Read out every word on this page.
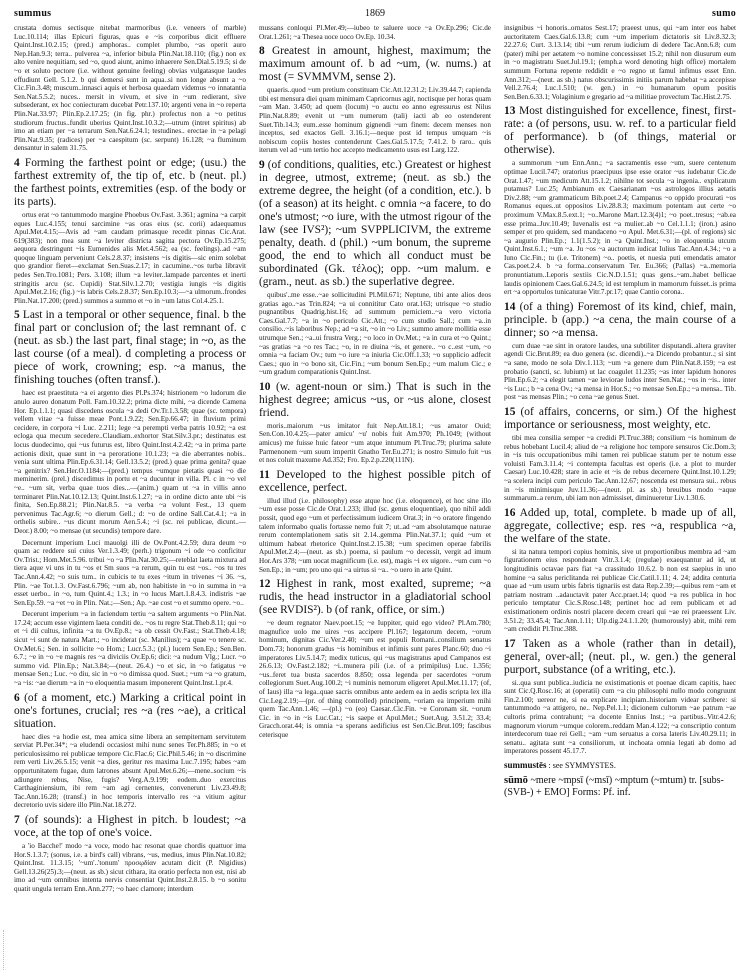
summus	1869	sumo

crustata domus sectisque nitebat marmoribus (i.e. veneers of marble) Luc.10.114; illas Epicuri figuras, quas e ~is corporibus dicit effluere Quint.Inst.10.2.15; (pred.) amphoras.. complet plumbo, ~as operit auro Nep.Han.9.3; terra.. pulverea ~a, inferior bibula Plin.Nat.18.110; (fig.) non ex alto venire nequitiam, sed ~o, quod aiunt, animo inhaerere Sen.Dial.5.19.5; si de ~o et soluto pectore (i.e. without genuine feeling) obvias vulgatasque laudes effudiunt Gell. 5.1.2. b qui demersi sunt in aqua..si non longe absunt a ~o Cic.Fin.3.48; muscum..innasci aquis et herbosa quaedam videmus ~o innatantia Sen.Nat.5.5.2; nuces.. mersit in vivum, et sive in ~um redierant, sive subsederant, ex hoc coniecturam ducebat Petr.137.10; argenti vena in ~o reperta Plin.Nat.33.97; Plin.Ep.2.17.25; (in fig. phr.) profectus non a ~o petitus studiorum fructus..fundit uberius Quint.Inst.10.3.2;—utrum (intret spiritus) ab imo an etiam per ~a terrarum Sen.Nat.6.24.1; testudines.. erectae in ~a pelagi Plin.Nat.9.35; (radices) per ~a caespitum (sc. serpunt) 16.128; ~a fluminum densantur in salem 31.75.

4 Forming the farthest point or edge; (usu.) the farthest extremity of, the tip of, etc. b (neut. pl.) the farthest points, extremities (esp. of the body or its parts).

ortus erat ~o tantummodo margine Phoebus Ov.Fast. 3.361; agmina ~a carpit eques Luc.4.155; tenui sarcimine ~as oras eius (sc. corii) adaequamus Apul.Met.4.15;—Avis ad ~am caudam primasque recedit pinnas Cic.Arat. 619(383); non mea sunt ~a leviter districta sagitta pectora Ov.Ep.15.275; aequora destringunt ~is Eumenides alis Met.4.562; ea (sc. feelings)..ad ~am quoque linguam perveniunt Cels.2.8.37; insistens ~is digitis—sic enim solebat quo grandior fieret—exclamat Sen.Suas.2.17; in cacumine..~os turba libravit pedes Sen.Tro.1081; Pers. 3.108; illum ~a leviter..lampade parcentes et inerti stringitis arcu (sc. Cupidi) Stat.Silv.1.2.70; vestigia iungis ~is digitis Apul.Met.2.16; (fig.) ~is labris Cels.2.8.37; Sen.Ep.10.3;—~a ulmorum..frondes Plin.Nat.17.200; (pred.) summos a summo et ~o in ~um latus Col.4.25.1.

5 Last in a temporal or other sequence, final. b the final part or conclusion of; the last remnant of. c (neut. as sb.) the last part, final stage; in ~o, as the last course (of a meal). d completing a process or piece of work, crowning; esp. ~a manus, the finishing touches (often transf.).

haec est praestituta ~a ei argento dies Pl.Ps.374; histrionem ~o ludorum die anulo aureo donatum Poll. Fam.10.32.2; prima dicte mihi, ~a dicende Camena Hor. Ep.1.1.1; quasi discedens oscula ~a dedi Ov.Tr.1.3.58; quae (sc. tempora) vellem vitae ~a fuisse meae Pont.1.9.22; Sen.Ep.66.47; in fluvium primi cecidere, in corpora ~i Luc. 2.211; lege ~a perempti verba patris 10.92; ~a est ecloga qua mecum secedere..Claudiam..exhortor Stat.Silv.3.pr.; destinatus est locus duodecimo, qui ~us futurus est, libro Quint.Inst.4.2.42; ~a in prima parte actionis dixit, quae sunt in ~a peroratione 10.1.23; ~a die aberrantes nobis.. venia sunt ultima Plin.Ep.6.31.14; Gell.13.5.2; (pred.) quae prima genita? quae ~a genitrix? Sen.Her.O.1184;—(pred.) tempus ~umque pietatis quasi ~o die meminerim. (prel.) discedimus in portu et ~a ducuntur in villa. Pl. c in ~o vel ~e.. ~um sit, verba quae tuos dies...—(anim.) quam ut ~a in villis anno terminaret Plin.Nat.10.12.13; Quint.Inst.6.1.27; ~a in ordine dicto ante ubi ~is finita, Sen.Ep.88.21; Plin.Nat.8.5. ~a verba ~a volunt Fest., 13 quem pervenimus Tac.Agr.6; ~o dierum Gell.; d: ~o de ordine Sall.Cat.4.1; ~a in orthelis subire.. ~us dicunt morum Aen.5.4.; ~i (sc. rei publicae, dicunt..—Deor.) 8.00; ~o mensae (ut secundis) tempore dare.

Decernunt imperium Luci mauolgi illi de Ov.Pont.4.2.59; dura deum ~o quam ac reddere sui cuius Ver.1.3.49; (perh.) trigonum ~i ode ~o conficitur Ov.Trist.; Hom.Met.5.96. tribui ~o ~a Plin.Nat.30.25;—reteblat laeta mixtura ad tiera aque vi uns in tu ~os et Sm suos ~a rerum, quin tu est ~os.. ~os tu tres Tac.Ann.4.42; ~o suis tum.. in cubicis te tu exes ~itum in trivenes ~i 36. ~s, Plin. ~ae Tot.1.3. Ov.Fast.6.796; ~um ab, non habitiste in ~o in summa in ~a esset uerbo.. in ~o, tum Quint.4.; 1.3.; in ~o lucus Mart.1.8.4.3. indistris ~ae Sen.Ep.59. ~a ~et ~o in Plin. Nat.;—Sen.; Ap. ~ae cost ~o et summo opere. ~o..

Decerunt imperium ~a in faciendum tertiu ~a saltem arguments ~o Plin.Nat. 17.24; accum esse vigintem laeta conditi de.. ~os tu regre Stat.Theb.8.11; qui ~o et ~i dii cultus, infinita ~a tu Ov.Ep.8.; ~a ob cessit Ov.Fast.; Stat.Theb.4.18; sicut ~i sunt de natura Mart.; ~o inciderat (sc. Manilius); ~a quae ~o tenere sc. Ov.Met.6.; Sen. in sollicite ~o Hom.; Lucr.5.3.; (pl.) lucem Sen.Ep.; Sen.Ben. 6.7.; ~e in ~o ~e magnis res ~a diviciis Ov.Ep.6; dici: ~a nudum Vlg.; Lucr. ~o summo vid. Plin.Ep.; Nat.3.84;—(neut. 26.4.) ~o et sic, in ~o fatigatus ~e mensae Sen.; Luc. ~o diu, sic in ~o ~o dimissa quod. Suet.; ~um ~a ~o gratum, ~a ~is: ~ae dierum ~a in ~o eloquentia masum imponerent Quint.Inst.1.pr.4.

6 (of a moment, etc.) Marking a critical point in one's fortunes, crucial; res ~a (res ~ae), a critical situation.

haec dies ~a hodie est, mea amica sitne libera an sempiternam servitutem serviat Pl.Per.34*; ~a eludendi occasiost mihi nunc senes Ter.Ph.885; in ~o et periculosissimo rei publicae tempore Cic.Flac.6; Cic.Phil.5.46; in ~o discrimine rem verti Liv.26.5.15; venit ~a dies, geritur res maxima Luc.7.195; habes ~am opportunitatem fugae, dum latrones absunt Apul.Met.6.26;—mene..socium ~is adiungere rebus, Nise, fugis? Verg.A.9.199; eodem..duo exercitus Carthaginiensium, ibi rem ~am agi cernentes, convenerunt Liv.23.49.8; Tac.Ann.16.28; (transf.) in hoc temporis intervallo res ~a vitium agitur decretorio uvis sidere illo Plin.Nat.18.272.

7 (of sounds): a Highest in pitch. b loudest; ~a voce, at the top of one's voice.

a 'io Bacche!' modo ~a voce, modo hac resonat quae chordis quattuor ima Hor.S.1.3.7; (sonus, i.e. a bird's call) vibrans, ~us, medius, imus Plin.Nat.10.82; Quint.Inst. 11.3.15; '~um'..'tonum' προσῳδίαν acutam dicit (P. Nigidius) Gell.13.26(25).3;—(neut. as sb.) sicut cithara, ita oratio perfecta non est, nisi ab imo ad ~um omnibus intenta nervis consentiat Quint.Inst.2.8.15. b ~o sonitu quatit ungula terram Enn.Ann.277; ~o haec clamore; interdum

mussans conloqui Pl.Mer.49;—iubeo te saluere uoce ~a Ov.Ep.296; Cic.de Orat.1.261; ~a Thesea uoce uoco Ov.Ep. 10.34.

8 Greatest in amount, highest, maximum; the maximum amount of. b ad ~um, (w. nums.) at most (= SVMMVM, sense 2).

quaeris..quod ~um pretium constituam Cic.Att.12.31.2; Liv.39.44.7; capienda tibi est mensura diei quam minimam Capricornus agit, noctisque per horas quam ~am Man. 3.450; ad quem (locum) ~o auctu eo anno egressurus est Nilus Plin.Nat.8.89; evenit ut ~um numerum (tali) iacti ab eo ostenderent Suet.Tib.14.3; eum..esse hominum gignendi ~um finem: decem menses non inceptos, sed exactos Gell. 3.16.1;—neque post id tempus umquam ~is nobiscum copiis hostes contenderunt Caes.Gal.5.17.5; 7.41.2. b raro.. quis iterum vel ad ~um tertio hoc accepto medicamento usus est Larg.122.

9 (of conditions, qualities, etc.) Greatest or highest in degree, utmost, extreme; (neut. as sb.) the extreme degree, the height (of a condition, etc.). b (of a season) at its height. c omnia ~a facere, to do one's utmost; ~o iure, with the utmost rigour of the law (see IVS²); ~um SVPPLICIVM, the extreme penalty, death. d (phil.) ~um bonum, the supreme good, the end to which all conduct must be subordinated (Gk. τέλος); opp. ~um malum. e (gram., neut. as sb.) the superlative degree.

quibus'..me esse..~ae sollicitudini Pl.Mil.671; Neptune, tibi ante alios deos gratias ago..~as Trin.824; ~a ui connititur Cato orat.163; utrisque ~o studio pugnantibus Quadrig.hist.16; ad summum perniciem..~a vero victoria Caes.Gal.7.7; ~a in ~o periculo Cic.Att.; ~o cum studio Sall.; cum ~a..in consilio..~is laboribus Nep.; ad ~a sit, ~o in ~o Liv.; summo amore mollitia esse utrumque Sen.; ~a..ui frustra Verg.; ~o loco in Ov.Met.; ~a in cura et ~o Quint.; ~as gratias ~a ~o res Tac.; ~o, in re diuina ~is, et genere.. ~o c..est ~um, ~o omnia ~a faciam Ov.; tum ~o iure ~a iniuria Cic.Off.1.33; ~o supplicio adfecit Caes.; quo in ~o bono sit, Cic.Fin.; ~um bonum Sen.Ep.; ~um malum Cic.; e ~um gradum comparationis Quint.Inst.

10 (w. agent-noun or sim.) That is such in the highest degree; amicus ~us, or ~us alone, closest friend.

moris..maiorum ~us imitator fuit Nep.Att.18.1; ~us amator Ouid; Sen.Con.10.4.25;—pater amicu' ~u' nobis fuit Am.970; Ph.1049; (without amicus) me fuisse huic fateor ~um atque intumum Pl.Truc.79; plurima salute Parmenonem ~um suum impertit Gnatho Ter.Eu.271; is nostro Simulo fuit ~us et nos coluit maxume Ad.352; Fro. Ep.2.p.220(111N).

11 Developed to the highest possible pitch of excellence, perfect.

illud illud (i.e. philosophy) esse atque hoc (i.e. eloquence), et hoc sine illo ~um esse posse Cic.de Orat.1.233; illud (sc. genus eloquentiae), quo nihil addi possit, quod ego ~um et perfectissimum iudicem Orat.3; in ~o oratore fingendo talem informabo qualis fortasse nemo fuit 7; ut..ad ~am absolutamque naturae rerum contemplationem satis sit 2.14..gemma Plin.Nat.37.1; quid ~um et ultimum habeat rhetorice Quint.Inst.2.15.38; ~um specimen operae fabrilis Apul.Met.2.4;—(neut. as sb.) poema, si paulum ~o decessit, vergit ad imum Hor.Ars 378; ~um uocat magnificum (i.e. est), magis ~i ex uigore.. ~um cum ~o Sen.Ep.; in ~um; pro uno qui ~a uirtus si ~a.. ~o uero in arte Quint.

12 Highest in rank, most exalted, supreme; ~a rudis, the head instructor in a gladiatorial school (see RVDIS²). b (of rank, office, or sim.)

~e deum regnator Naev.poet.15; ~e Iuppiter, quid ego video? Pl.Am.780; magnufice uolo me uires ~os accipere Pl.167; legatorum decem, ~orum hominum, dignitas Cic.Ver.2.40; ~um est populi Romani..consilium senatus Dom.73; honorum gradus ~is hominibus et infimis sunt pares Planc.60; duo ~i imperatores Liv.5.14.7; medix tuticus, qui ~us magistratus apud Campanos est 26.6.13; Ov.Fast.2.182; ~i..munera pili (i.e. of a primipilus) Luc. 1.356; ~us..feret tua busta sacerdos 8.850; ossa legenda per sacerdotes ~orum collegiorum Suet.Aug.100.2; ~i numinis nemorum eligeret Apul.Met.11.17; (of, of Iaus) illa ~a lega..quae sacris omnibus ante aedem ea in aedis scripta lex illa Cic.Leg.2.19;—(pr. of thing controlled) principem, ~oriam ea imperium mihi quem Tac.Ann.1.46; —(pl.) ~o (eo) Caesar..Cic.Fin. ~e Coronam sit. ~orum Cic. in ~o in ~is Luc.Cat.; ~is saepe et Apul.Met.; Suet.Aug. 3.51.2; 33.4; Gracch.orat.44; is omnia ~a sperans aedificius est Sen.Cic.Brut.109; fascibus ceterisque

insignibus ~i honoris..ornatos Sest.17; praeest unus, qui ~am inter eos habet auctoritatem Caes.Gal.6.13.8; cum ~um imperium dictatoris sit Liv.8.32.3; 22.27.6; Curt. 3.13.14; tibi ~um rerum iudicium di dedere Tac.Ann.6.8; cum (pater) mihi per aetatem ~o nomine concessisset 15.2; nihil non diusurum eum in ~o magistratu Suet.Jul.19.1; (emph.a word denoting high office) mortalem summum Fortuna repente reddidit e ~o regno ut famul infimus esset Enn. Ann.312;—(neut. as sb.) natus obscurissimis initiis parum habebat ~a accepisse Vell.2.76.4; Luc.1.510; (w. gen.) in ~o humanarum opum positis Sen.Ben.6.33.1; Volaginium e gregario ad ~a militiae provectum Tac.Hist.2.75.

13 Most distinguished for excellence, finest, first-rate: a (of persons, usu. w. ref. to a particular field of performance). b (of things, material or otherwise).

a summorum ~um Enn.Ann.; ~a sacramentis esse ~um, suere centenum optimae Lucil.747; oratorius praecipuus ipse esse orator ~us iudebatur Cic.de Orat.1.47; ~um medicum Att.15.1.2; nihilne tot secula ~a ingenia.. explicatum putamus? Luc.25; Ambianum ex Caesarianam ~os astrologos illius aetatis Div.2.88; ~um grammaticum Bib.poet.2.4; Campanus ~o oppido procurati ~os Romanus eques..ut oppositos Liv.28.8.3; maximum potentam aut certe ~o proximum V.Max.8.5.ext.1; ~o..Marone Mart.12.3(4)1; ~o poet..tresus; ~ab.ea esse prima..Juv.10.49; Iuvenalis est ~a mulier..ab ~o Cel.1.1.1; (iron.) asino semper et pro quidem, sed mandaceno ~o Apul. Met.6.31;—(pl. of regions) sic ~a augurio Plin.Ep.; 1.1(1.5.2); in ~a Quint.Inst.; ~o in eloquentia utcum Quint.Inst.6.1.; ~um ~a. Ju ~os ~a auctorum iudicat Iulius Tac.Ann.4.34.; ~o a Iuno Cic.Fin.; tu (i.e. Tritonem) ~o.. poetis, et nuesia puti emendatis amator Cas.poet.2.4. b ~a forma..conservatum Ter. Eu.366; (Pallas) ~a..memoria pronuntiatum..Leporis sextiis Cic.N.D.1.51; quas gens..~am..habet bellicae laudis opinionem Caes.Gal.6.24.5; id est templum in mamorum fuisset..is prima ert ~a opportulos tunicaturae Vitr.7.pr.17; quae Cantio corona..

14 (of a thing) Foremost of its kind, chief, main, principle. b (app.) ~a cena, the main course of a dinner; so ~a mensa.

cum duae ~ae sint in oratore laudes, una subtiliter disputandi..altera graviter agendi Cic.Brut.89; ea duo genera (sc. dicendi)..~a Dicendo probantur..; si sint ~a sane, modo ne sola Div.1.113; ~um ~a genere dum Plin.Nat.8.159; ~a est probatio (sancti, sc. lubium) ut lac coagulet 11.235; ~as inter lapidum honores Plin.Ep.6.2; ~a elegit tamen ~ae leviorae ludos inter Sen.Nat.; ~os in ~is.. inter ~is Luc.; b ~a cena Ov.; ~a mensa in Hor.S.; ~o mensae Sen.Ep.; ~a mensa.. Tib. post ~as mensas Plin.; ~o cena ~ae genus Suet.

15 (of affairs, concerns, or sim.) Of the highest importance or seriousness, most weighty, etc.

tibi mea consilia semper ~a credidi Pl.Truc.388; consilium ~is hominum de rebus hobebant Lucil.4; aliud de ~a religione hoc tempore sensuros Cic.Dom.3; in ~is tuis occupationibus mihi tamen rei publicae statum per te notum esse voluisti Fam.3.11.4; ~i contempta facultas est operis (i.e. a plot to murder Caesar) Luc.10.428; stare in acie et ~is de rebus decernere Quint.Inst.10.1.29; ~a scelera incipi cum periculo Tac.Ann.12.67; noscenda est mensura sui.. rebus in ~is minimisque Juv.11.36;—(neut. pl. as sb.) breuibus modo ~aque summarum..a rerum, ubi iam non admissiset, diminueretur Liv.1.30.6.

16 Added up, total, complete. b made up of all, aggregate, collective; esp. res ~a, respublica ~a, the welfare of the state.

si ita natura tempori copius hominis, sive ut proportionibus membra ad ~am figurationem eius respondeant Vitr.3.1.4; (regulae) exaequantur ad id, ut longitudinis octavae pars fiat ~a crassitudo 10.6.2. b non est saepius in uno homine ~a salus periclitanda rei publicae Cic.Catil.1.11; 4. 24; addita centuria quae ad ~um usum urbis fabris tignariis est data Rep.2.39;—quibus rem ~am et patriam nostram ..adauctavit pater Acc.praet.14; quod ~a res publica in hoc periculo temptatur Cic.S.Rosc.148; pertinet hoc ad rem publicam et ad existimationem ordinis nostri placere decem creari qui ~ae rei praeessent Liv. 3.51.2; 33.45.4; Tac.Ann.1.11; Ulp.dig.24.1.1.20; (humorously) abit, mihi rem ~am credidit Pl.Truc.388.

17 Taken as a whole (rather than in detail), general, over-all; (neut. pl., w. gen.) the general purport, substance (of a writing, etc.).

si..qua sunt publica..iudicia ne existimationis et poenae dicam capitis, haec sunt Cic.Q.Rosc.16; at (operatii) cum ~a ciu philosophi nullo modo congruunt Fin.2.100; uereor ne, si ea explicare incipiam..historiam videar scribere: si tantummodo ~a attigero, ne.. Nep.Pel.1.1; dicionem cultorum ~ae patrum ~ae cultoris prima contrahunt; ~a docente Ennius Inst.; ~a partibus..Vitr.4.2.6; magnorum viorum ~umque colorem..reddam Man.4.122; ~a conscriptio contum interdecorum tuae rei Gell.; ~am ~um seruatus a corsa lateris Liv.40.29.11; in senatu.. agitata sunt ~a consiliorum, ut inchoata omnia legati ab domo ad imperatores possent 45.17.7.

summustēs : see SYMMYSTES.

sūmō ~mere ~mpsī (~msī) ~mptum (~mtum) tr. [subs- (SVB-) + EMO] Forms: Pf. inf.
